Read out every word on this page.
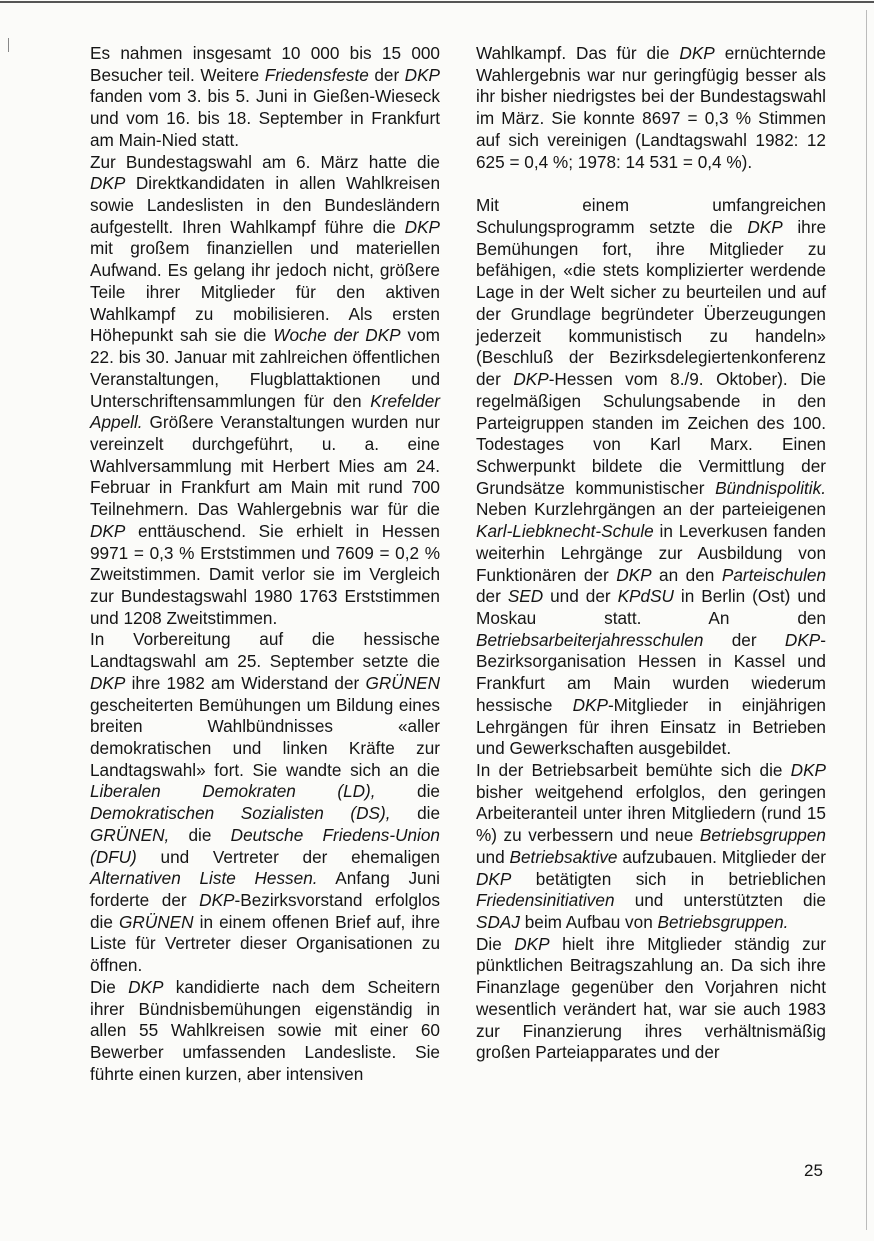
Es nahmen insgesamt 10 000 bis 15 000 Besucher teil. Weitere Friedensfeste der DKP fanden vom 3. bis 5. Juni in Gießen-Wieseck und vom 16. bis 18. September in Frankfurt am Main-Nied statt.

Zur Bundestagswahl am 6. März hatte die DKP Direktkandidaten in allen Wahlkreisen sowie Landeslisten in den Bundesländern aufgestellt. Ihren Wahlkampf führe die DKP mit großem finanziellen und materiellen Aufwand. Es gelang ihr jedoch nicht, größere Teile ihrer Mitglieder für den aktiven Wahlkampf zu mobilisieren. Als ersten Höhepunkt sah sie die Woche der DKP vom 22. bis 30. Januar mit zahlreichen öffentlichen Veranstaltungen, Flugblattaktionen und Unterschriftensammlungen für den Krefelder Appell. Größere Veranstaltungen wurden nur vereinzelt durchgeführt, u. a. eine Wahlversammlung mit Herbert Mies am 24. Februar in Frankfurt am Main mit rund 700 Teilnehmern. Das Wahlergebnis war für die DKP enttäuschend. Sie erhielt in Hessen 9971 = 0,3 % Erststimmen und 7609 = 0,2 % Zweitstimmen. Damit verlor sie im Vergleich zur Bundestagswahl 1980 1763 Erststimmen und 1208 Zweitstimmen.

In Vorbereitung auf die hessische Landtagswahl am 25. September setzte die DKP ihre 1982 am Widerstand der GRÜNEN gescheiterten Bemühungen um Bildung eines breiten Wahlbündnisses «aller demokratischen und linken Kräfte zur Landtagswahl» fort. Sie wandte sich an die Liberalen Demokraten (LD), die Demokratischen Sozialisten (DS), die GRÜNEN, die Deutsche Friedens-Union (DFU) und Vertreter der ehemaligen Alternativen Liste Hessen. Anfang Juni forderte der DKP-Bezirksvorstand erfolglos die GRÜNEN in einem offenen Brief auf, ihre Liste für Vertreter dieser Organisationen zu öffnen.

Die DKP kandidierte nach dem Scheitern ihrer Bündnisbemühungen eigenständig in allen 55 Wahlkreisen sowie mit einer 60 Bewerber umfassenden Landesliste. Sie führte einen kurzen, aber intensiven

Wahlkampf. Das für die DKP ernüchternde Wahlergebnis war nur geringfügig besser als ihr bisher niedrigstes bei der Bundestagswahl im März. Sie konnte 8697 = 0,3 % Stimmen auf sich vereinigen (Landtagswahl 1982: 12 625 = 0,4 %; 1978: 14 531 = 0,4 %).

Mit einem umfangreichen Schulungsprogramm setzte die DKP ihre Bemühungen fort, ihre Mitglieder zu befähigen, «die stets komplizierter werdende Lage in der Welt sicher zu beurteilen und auf der Grundlage begründeter Überzeugungen jederzeit kommunistisch zu handeln» (Beschluß der Bezirksdelegiertenkonferenz der DKP-Hessen vom 8./9. Oktober). Die regelmäßigen Schulungsabende in den Parteigruppen standen im Zeichen des 100. Todestages von Karl Marx. Einen Schwerpunkt bildete die Vermittlung der Grundsätze kommunistischer Bündnispolitik. Neben Kurzlehrgängen an der parteieigenen Karl-Liebknecht-Schule in Leverkusen fanden weiterhin Lehrgänge zur Ausbildung von Funktionären der DKP an den Parteischulen der SED und der KPdSU in Berlin (Ost) und Moskau statt. An den Betriebsarbeiterjahresschulen der DKP-Bezirksorganisation Hessen in Kassel und Frankfurt am Main wurden wiederum hessische DKP-Mitglieder in einjährigen Lehrgängen für ihren Einsatz in Betrieben und Gewerkschaften ausgebildet.

In der Betriebsarbeit bemühte sich die DKP bisher weitgehend erfolglos, den geringen Arbeiteranteil unter ihren Mitgliedern (rund 15 %) zu verbessern und neue Betriebsgruppen und Betriebsaktive aufzubauen. Mitglieder der DKP betätigten sich in betrieblichen Friedensinitiativen und unterstützten die SDAJ beim Aufbau von Betriebsgruppen.

Die DKP hielt ihre Mitglieder ständig zur pünktlichen Beitragszahlung an. Da sich ihre Finanzlage gegenüber den Vorjahren nicht wesentlich verändert hat, war sie auch 1983 zur Finanzierung ihres verhältnismäßig großen Parteiapparates und der

25
